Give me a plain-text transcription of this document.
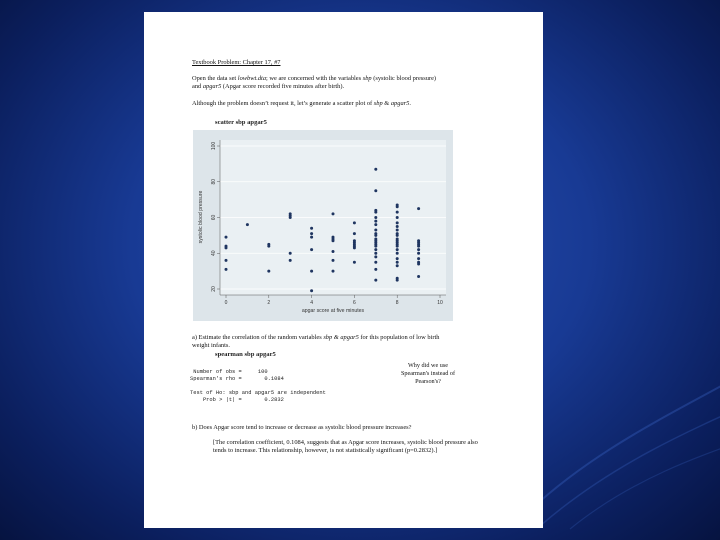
Textbook Problem: Chapter 17, #7
Open the data set lowbwt.dta; we are concerned with the variables sbp (systolic blood pressure)
and apgar5 (Apgar score recorded five minutes after birth).
Although the problem doesn’t request it, let’s generate a scatter plot of sbp & apgar5.
scatter sbp apgar5
20
40
60
80
100
0	2	4	6	8	10
systolic blood pressure
apgar score at five minutes
a) Estimate the correlation of the random variables sbp & apgar5 for this population of low birth
weight infants.
spearman sbp apgar5
Number of obs =     100
Spearman's rho =       0.1084
Test of Ho: sbp and apgar5 are independent
Prob > |t| =       0.2832
Why did we use
Spearman's instead of
Pearson's?
b) Does Apgar score tend to increase or decrease as systolic blood pressure increases?
[The correlation coefficient, 0.1084, suggests that as Apgar score increases, systolic blood pressure also tends to increase. This relationship, however, is not statistically significant (p=0.2832).]
